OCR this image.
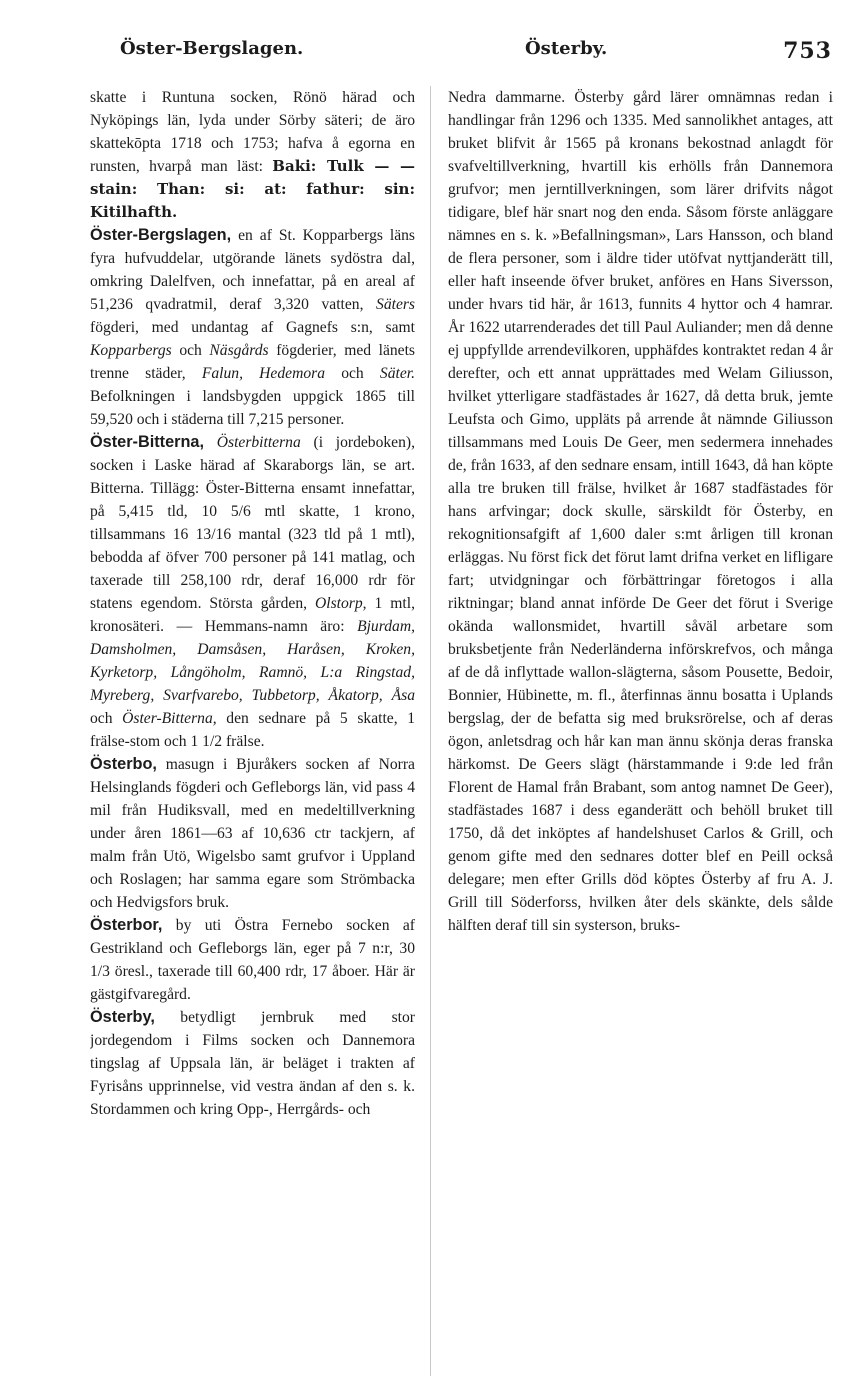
Öster-Bergslagen.	Österby.	753

skatte i Runtuna socken, Rönö härad och Nyköpings län, lyda under Sörby säteri; de äro skattekōpta 1718 och 1753; hafva å egorna en runsten, hvarpå man läst: Baki: Tulk — — stain: Than: si: at: fathur: sin: Kitilhafth.

Öster-Bergslagen, en af St. Kopparbergs läns fyra hufvuddelar, utgörande länets sydöstra dal, omkring Dalelfven, och innefattar, på en areal af 51,236 qvadratmil, deraf 3,320 vatten, Säters fögderi, med undantag af Gagnefs s:n, samt Kopparbergs och Näsgårds fögderier, med länets trenne städer, Falun, Hedemora och Säter. Befolkningen i landsbygden uppgick 1865 till 59,520 och i städerna till 7,215 personer.

Öster-Bitterna, Österbitterna (i jordeboken), socken i Laske härad af Skaraborgs län, se art. Bitterna. Tillägg: Öster-Bitterna ensamt innefattar, på 5,415 tld, 10 5/6 mtl skatte, 1 krono, tillsammans 16 13/16 mantal (323 tld på 1 mtl), bebodda af öfver 700 personer på 141 matlag, och taxerade till 258,100 rdr, deraf 16,000 rdr för statens egendom. Största gården, Olstorp, 1 mtl, kronosäteri. — Hemmans-namn äro: Bjurdam, Damsholmen, Damsåsen, Haråsen, Kroken, Kyrketorp, Långöholm, Ramnö, L:a Ringstad, Myreberg, Svarfvarebo, Tubbetorp, Åkatorp, Åsa och Öster-Bitterna, den sednare på 5 skatte, 1 frälse-stom och 1 1/2 frälse.

Österbo, masugn i Bjuråkers socken af Norra Helsinglands fögderi och Gefleborgs län, vid pass 4 mil från Hudiksvall, med en medeltillverkning under åren 1861—63 af 10,636 ctr tackjern, af malm från Utö, Wigelsbo samt grufvor i Uppland och Roslagen; har samma egare som Strömbacka och Hedvigsfors bruk.

Österbor, by uti Östra Fernebo socken af Gestrikland och Gefleborgs län, eger på 7 n:r, 30 1/3 öresl., taxerade till 60,400 rdr, 17 åboer. Här är gästgifvaregård.

Österby, betydligt jernbruk med stor jordegendom i Films socken och Dannemora tingslag af Uppsala län, är beläget i trakten af Fyrisåns upprinnelse, vid vestra ändan af den s. k. Stordammen och kring Opp-, Herrgårds- och

Nedra dammarne. Österby gård lärer omnämnas redan i handlingar från 1296 och 1335. Med sannolikhet antages, att bruket blifvit år 1565 på kronans bekostnad anlagdt för svafveltillverkning, hvartill kis erhölls från Dannemora grufvor; men jerntillverkningen, som lärer drifvits något tidigare, blef här snart nog den enda. Såsom förste anläggare nämnes en s. k. »Befallningsman», Lars Hansson, och bland de flera personer, som i äldre tider utöfvat nyttjanderätt till, eller haft inseende öfver bruket, anföres en Hans Siversson, under hvars tid här, år 1613, funnits 4 hyttor och 4 hamrar. År 1622 utarrenderades det till Paul Auliander; men då denne ej uppfyllde arrendevilkoren, upphäfdes kontraktet redan 4 år derefter, och ett annat upprättades med Welam Giliusson, hvilket ytterligare stadfästades år 1627, då detta bruk, jemte Leufsta och Gimo, uppläts på arrende åt nämnde Giliusson tillsammans med Louis De Geer, men sedermera innehades de, från 1633, af den sednare ensam, intill 1643, då han köpte alla tre bruken till frälse, hvilket år 1687 stadfästades för hans arfvingar; dock skulle, särskildt för Österby, en rekognitionsafgift af 1,600 daler s:mt årligen till kronan erläggas. Nu först fick det förut lamt drifna verket en lifligare fart; utvidgningar och förbättringar företogos i alla riktningar; bland annat införde De Geer det förut i Sverige okända wallonsmidet, hvartill såväl arbetare som bruksbetjente från Nederländerna införskrefvos, och många af de då inflyttade wallon-slägterna, såsom Pousette, Bedoir, Bonnier, Hübinette, m. fl., återfinnas ännu bosatta i Uplands bergslag, der de befatta sig med bruksrörelse, och af deras ögon, anletsdrag och hår kan man ännu skönja deras franska härkomst. De Geers slägt (härstammande i 9:de led från Florent de Hamal från Brabant, som antog namnet De Geer), stadfästades 1687 i dess eganderätt och behöll bruket till 1750, då det inköptes af handelshuset Carlos & Grill, och genom gifte med den sednares dotter blef en Peill också delegare; men efter Grills död köptes Österby af fru A. J. Grill till Söderforss, hvilken åter dels skänkte, dels sålde hälften deraf till sin systerson, bruks-
